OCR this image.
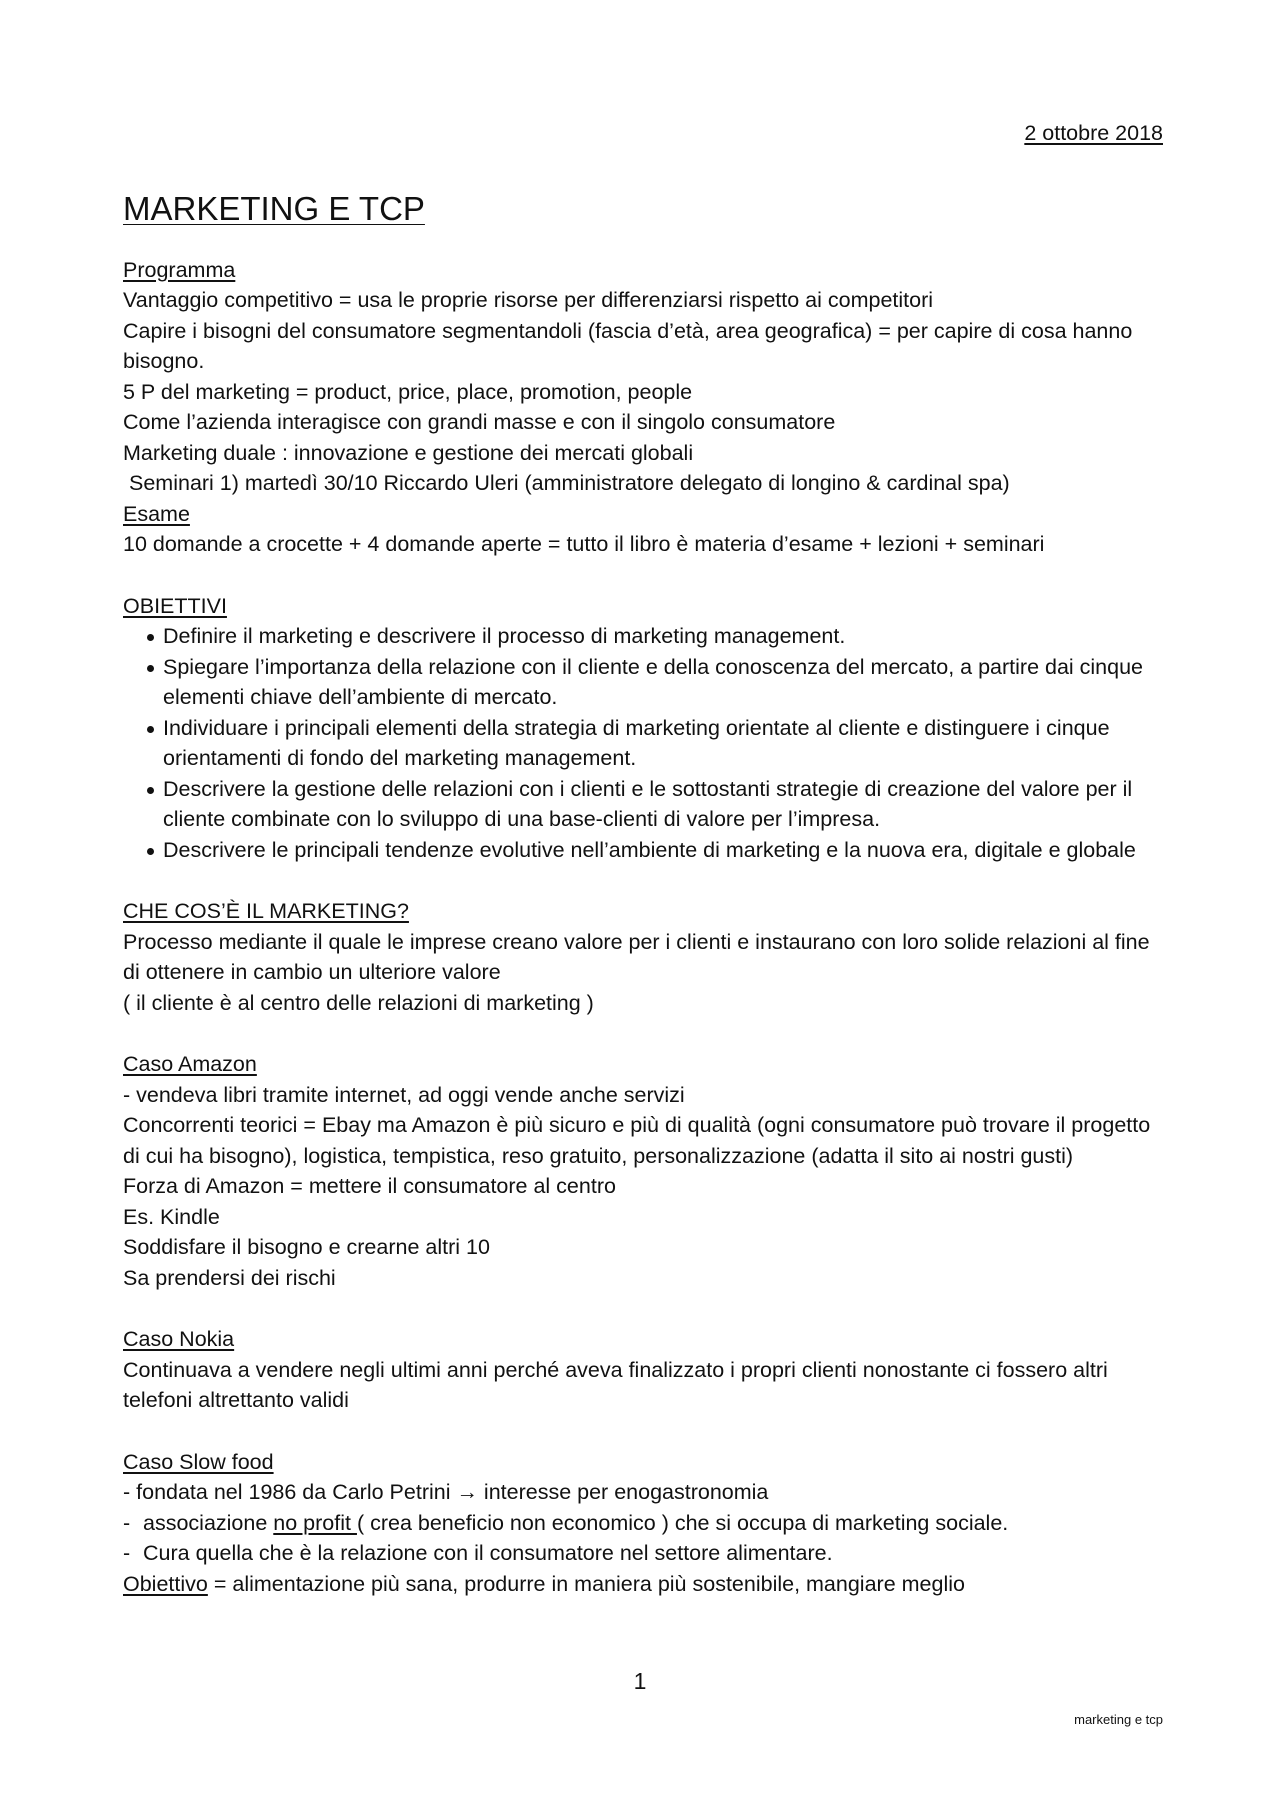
2 ottobre 2018

MARKETING E TCP

Programma

Vantaggio competitivo = usa le proprie risorse per differenziarsi rispetto ai competitori

Capire i bisogni del consumatore segmentandoli (fascia d’età, area geografica) = per capire di cosa hanno bisogno.

5 P del marketing = product, price, place, promotion, people

Come l’azienda interagisce con grandi masse e con il singolo consumatore

Marketing duale : innovazione e gestione dei mercati globali

Seminari 1) martedì 30/10 Riccardo Uleri (amministratore delegato di longino & cardinal spa)

Esame

10 domande a crocette + 4 domande aperte = tutto il libro è materia d’esame + lezioni + seminari

OBIETTIVI

Definire il marketing e descrivere il processo di marketing management.
Spiegare l’importanza della relazione con il cliente e della conoscenza del mercato, a partire dai cinque elementi chiave dell’ambiente di mercato.
Individuare i principali elementi della strategia di marketing orientate al cliente e distinguere i cinque orientamenti di fondo del marketing management.
Descrivere la gestione delle relazioni con i clienti e le sottostanti strategie di creazione del valore per il cliente combinate con lo sviluppo di una base-clienti di valore per l’impresa.
Descrivere le principali tendenze evolutive nell’ambiente di marketing e la nuova era, digitale e globale

CHE COS’È IL MARKETING?

Processo mediante il quale le imprese creano valore per i clienti e instaurano con loro solide relazioni al fine di ottenere in cambio un ulteriore valore

( il cliente è al centro delle relazioni di marketing )

Caso Amazon

- vendeva libri tramite internet, ad oggi vende anche servizi

Concorrenti teorici = Ebay ma Amazon è più sicuro e più di qualità (ogni consumatore può trovare il progetto di cui ha bisogno), logistica, tempistica, reso gratuito, personalizzazione (adatta il sito ai nostri gusti)

Forza di Amazon = mettere il consumatore al centro

Es. Kindle

Soddisfare il bisogno e crearne altri 10

Sa prendersi dei rischi

Caso Nokia

Continuava a vendere negli ultimi anni perché aveva finalizzato i propri clienti nonostante ci fossero altri telefoni altrettanto validi

Caso Slow food

- fondata nel 1986 da Carlo Petrini → interesse per enogastronomia

- associazione no profit ( crea beneficio non economico ) che si occupa di marketing sociale.

- Cura quella che è la relazione con il consumatore nel settore alimentare.

Obiettivo = alimentazione più sana, produrre in maniera più sostenibile, mangiare meglio

1

marketing e tcp
